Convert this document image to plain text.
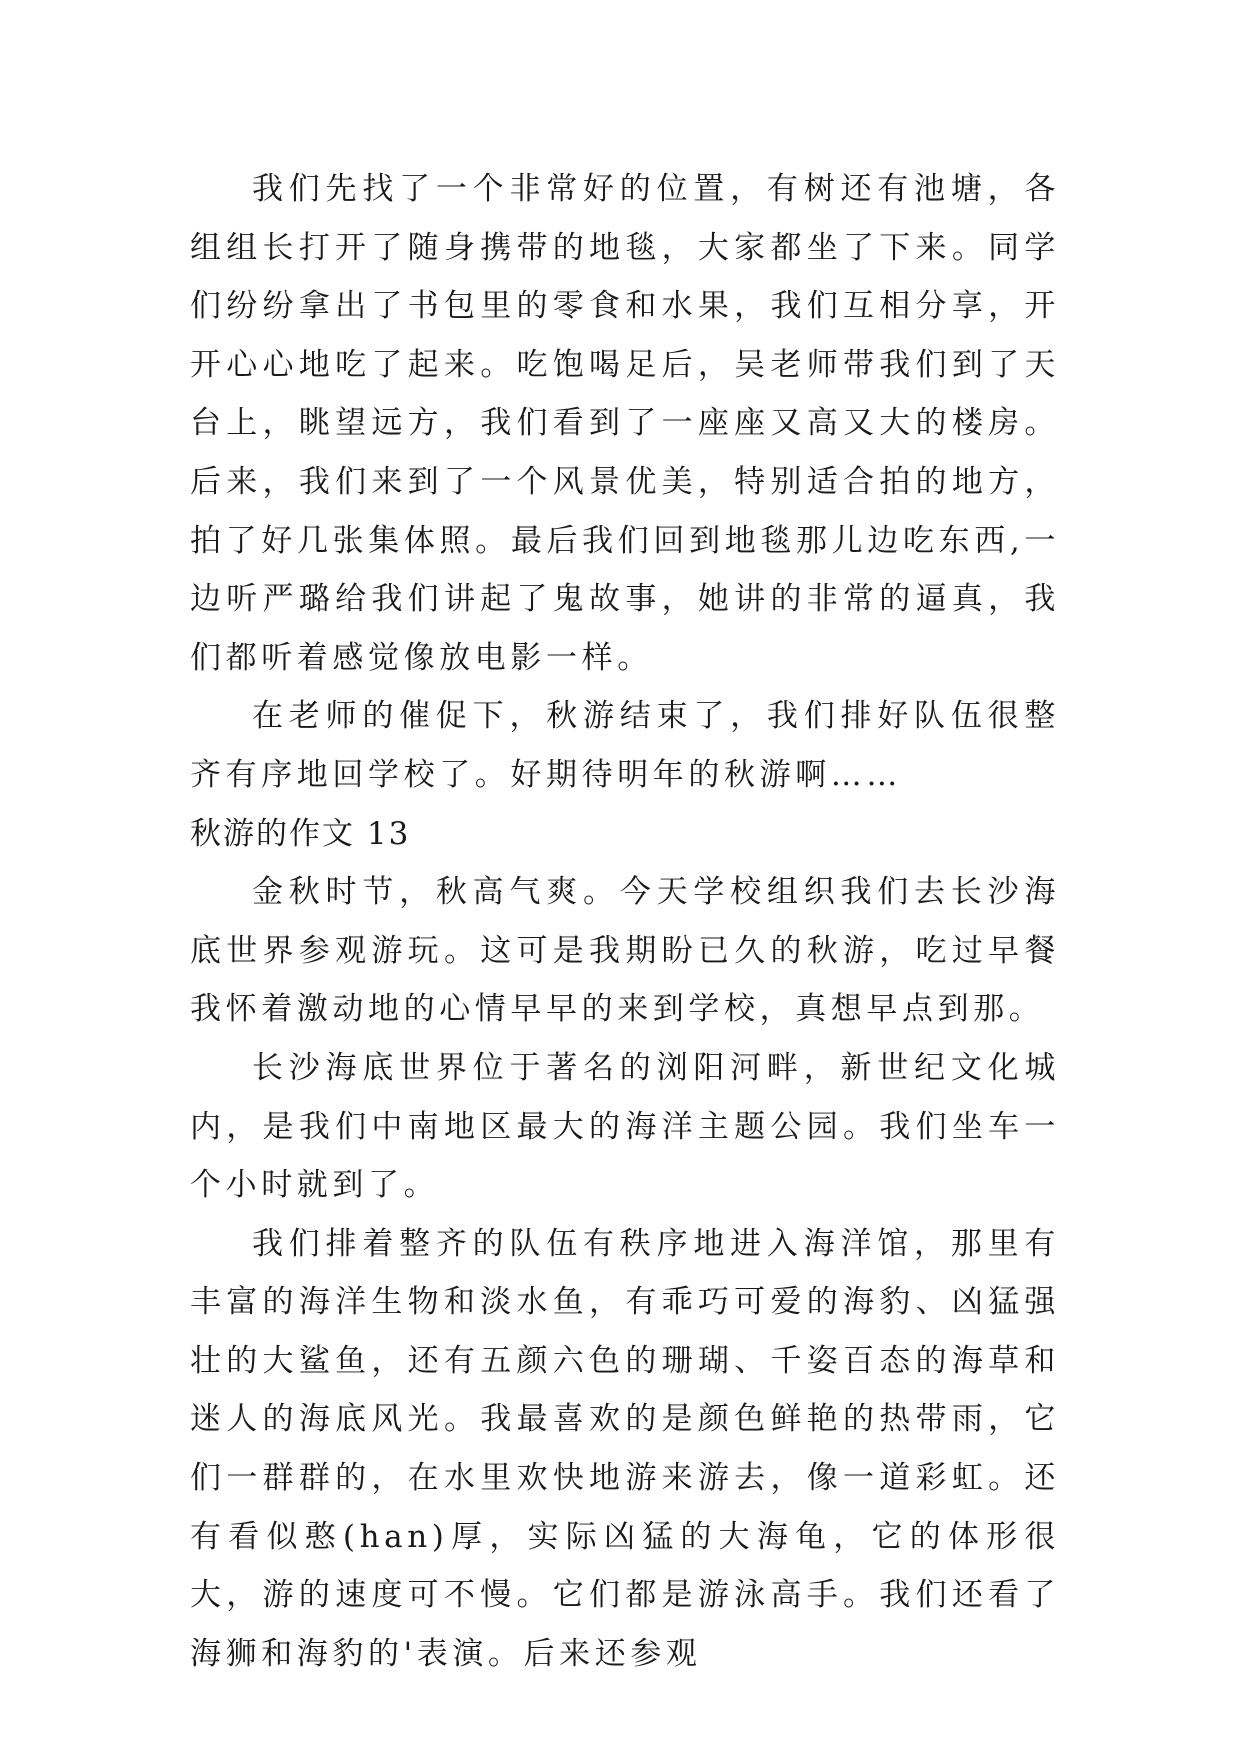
我们先找了一个非常好的位置，有树还有池塘，各组组长打开了随身携带的地毯，大家都坐了下来。同学们纷纷拿出了书包里的零食和水果，我们互相分享，开开心心地吃了起来。吃饱喝足后，吴老师带我们到了天台上，眺望远方，我们看到了一座座又高又大的楼房。后来，我们来到了一个风景优美，特别适合拍的地方，拍了好几张集体照。最后我们回到地毯那儿边吃东西,一边听严璐给我们讲起了鬼故事，她讲的非常的逼真，我们都听着感觉像放电影一样。

在老师的催促下，秋游结束了，我们排好队伍很整齐有序地回学校了。好期待明年的秋游啊……

秋游的作文 13

金秋时节，秋高气爽。今天学校组织我们去长沙海底世界参观游玩。这可是我期盼已久的秋游，吃过早餐我怀着激动地的心情早早的来到学校，真想早点到那。

长沙海底世界位于著名的浏阳河畔，新世纪文化城内，是我们中南地区最大的海洋主题公园。我们坐车一个小时就到了。

我们排着整齐的队伍有秩序地进入海洋馆，那里有丰富的海洋生物和淡水鱼，有乖巧可爱的海豹、凶猛强壮的大鲨鱼，还有五颜六色的珊瑚、千姿百态的海草和迷人的海底风光。我最喜欢的是颜色鲜艳的热带雨，它们一群群的，在水里欢快地游来游去，像一道彩虹。还有看似憨(han)厚，实际凶猛的大海龟，它的体形很大，游的速度可不慢。它们都是游泳高手。我们还看了海狮和海豹的'表演。后来还参观
